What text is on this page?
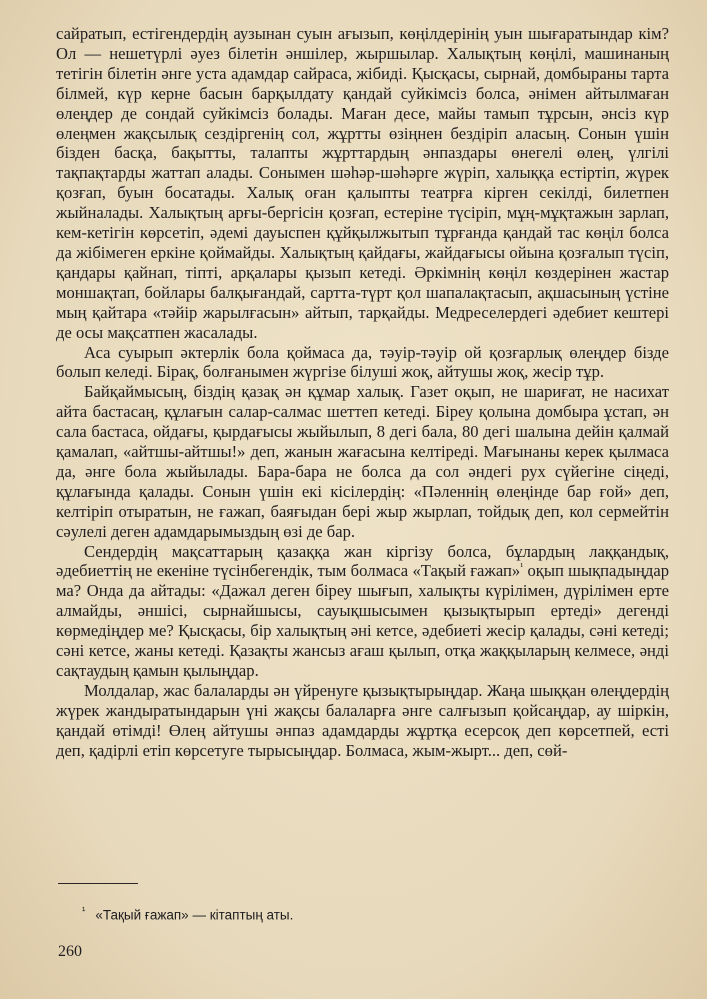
сайратып, естігендердің аузынан суын ағызып, көңілдерінің уын шығаратындар кім? Ол — нешетүрлі әуез білетін әншілер, жыршылар. Халықтың көңілі, машинаның тетігін білетін әнге уста адамдар сайраса, жібиді. Қысқасы, сырнай, домбыраны тарта білмей, күр керне басын барқылдату қандай суйкімсіз болса, әнімен айтылмаған өлеңдер де сондай суйкімсіз болады. Маған десе, майы тамып тұрсын, әнсіз күр өлеңмен жақсылық сездіргенің сол, жұртты өзіңнен бездіріп аласың. Сонын үшін бізден басқа, бақытты, талапты жұрттардың әнпаздары өнегелі өлең, үлгілі тақпақтарды жаттап алады. Сонымен шәһәр-шәһәрге жүріп, халыққа естіртіп, жүрек қозғап, буын босатады. Халық оған қалыпты театрға кірген секілді, билетпен жыйналады. Халықтың арғы-бергісін қозғап, естеріне түсіріп, мұң-мұқтажын зарлап, кем-кетігін көрсетіп, әдемі дауыспен құйқылжытып тұрғанда қандай тас көңіл болса да жібімеген еркіне қоймайды. Халықтың қайдағы, жайдағысы ойына қозғалып түсіп, қандары қайнап, тіпті, арқалары қызып кетеді. Әркімнің көңіл көздерінен жастар моншақтап, бойлары балқығандай, сартта-түрт қол шапалақтасып, ақшасының үстіне мың қайтара «тәйір жарылғасын» айтып, тарқайды. Медреселердегі әдебиет кештері де осы мақсатпен жасалады.

Аса суырып әктерлік бола қоймаса да, тәуір-тәуір ой қозғарлық өлеңдер бізде болып келеді. Бірақ, болғанымен жүргізе білуші жоқ, айтушы жоқ, жесір тұр.

Байқаймысың, біздің қазақ ән құмар халық. Газет оқып, не шариғат, не насихат айта бастасаң, құлағын салар-салмас шеттеп кетеді. Біреу қолына домбыра ұстап, ән сала бастаса, ойдағы, қырдағысы жыйылып, 8 дегі бала, 80 дегі шалына дейін қалмай қамалап, «айтшы-айтшы!» деп, жанын жағасына келтіреді. Мағынаны керек қылмаса да, әнге бола жыйылады. Бара-бара не болса да сол әндегі рух сүйегіне сіңеді, құлағында қалады. Сонын үшін екі кісілердің: «Пәленнің өлеңінде бар ғой» деп, келтіріп отыратын, не ғажап, баяғыдан бері жыр жырлап, тойдық деп, кол сермейтін сәулелі деген адамдарымыздың өзі де бар.

Сендердің мақсаттарың қазаққа жан кіргізу болса, бұлардың лаққандық, әдебиеттің не екеніне түсінбегендік, тым болмаса «Тақый ғажап»$^{^1}$ оқып шықпадыңдар ма? Онда да айтады: «Дажал деген біреу шығып, халықты күрілімен, дүрілімен ерте алмайды, әншісі, сырнайшысы, сауықшысымен қызықтырып ертеді» дегенді көрмедіңдер ме? Қысқасы, бір халықтың әні кетсе, әдебиеті жесір қалады, сәні кетеді; сәні кетсе, жаны кетеді. Қазақты жансыз ағаш қылып, отқа жаққыларың келмесе, әнді сақтаудың қамын қылыңдар.

Молдалар, жас балаларды ән үйренуге қызықтырыңдар. Жаңа шыққан өлеңдердің жүрек жандыратындарын үні жақсы балаларға әнге салғызып қойсаңдар, ау шіркін, қандай өтімді! Өлең айтушы әнпаз адамдарды жұртқа есерсоқ деп көрсетпей, есті деп, қадірлі етіп көрсетуге тырысыңдар. Болмаса, жым-жырт... деп, сөй-

$^{^1}$ «Тақый ғажап» — кітаптың аты.
260
